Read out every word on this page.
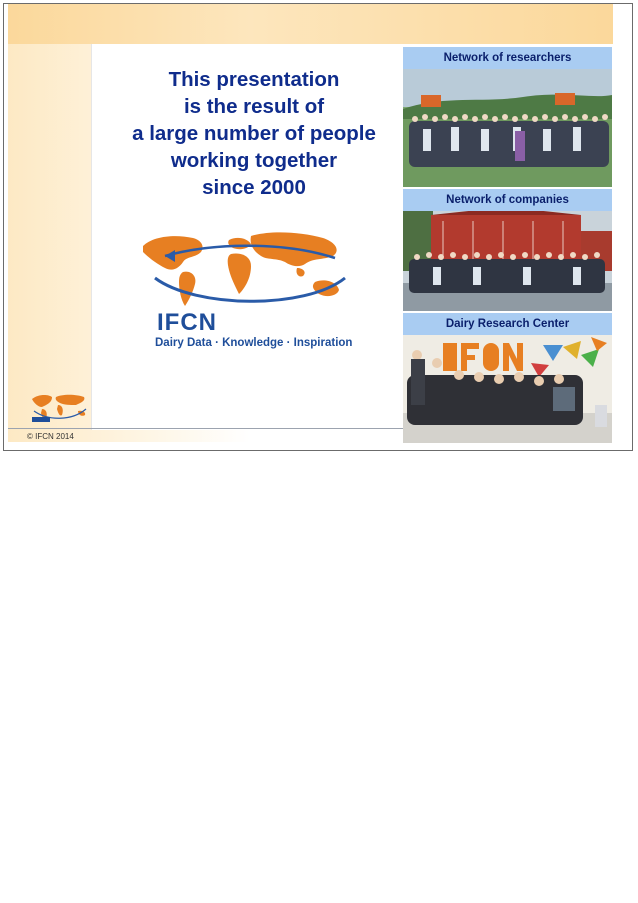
This presentation
is the result of
a large number of people
working together
since 2000
IFCN
Dairy Data · Knowledge · Inspiration
Network of researchers
Network of companies
Dairy Research Center
© IFCN 2014
